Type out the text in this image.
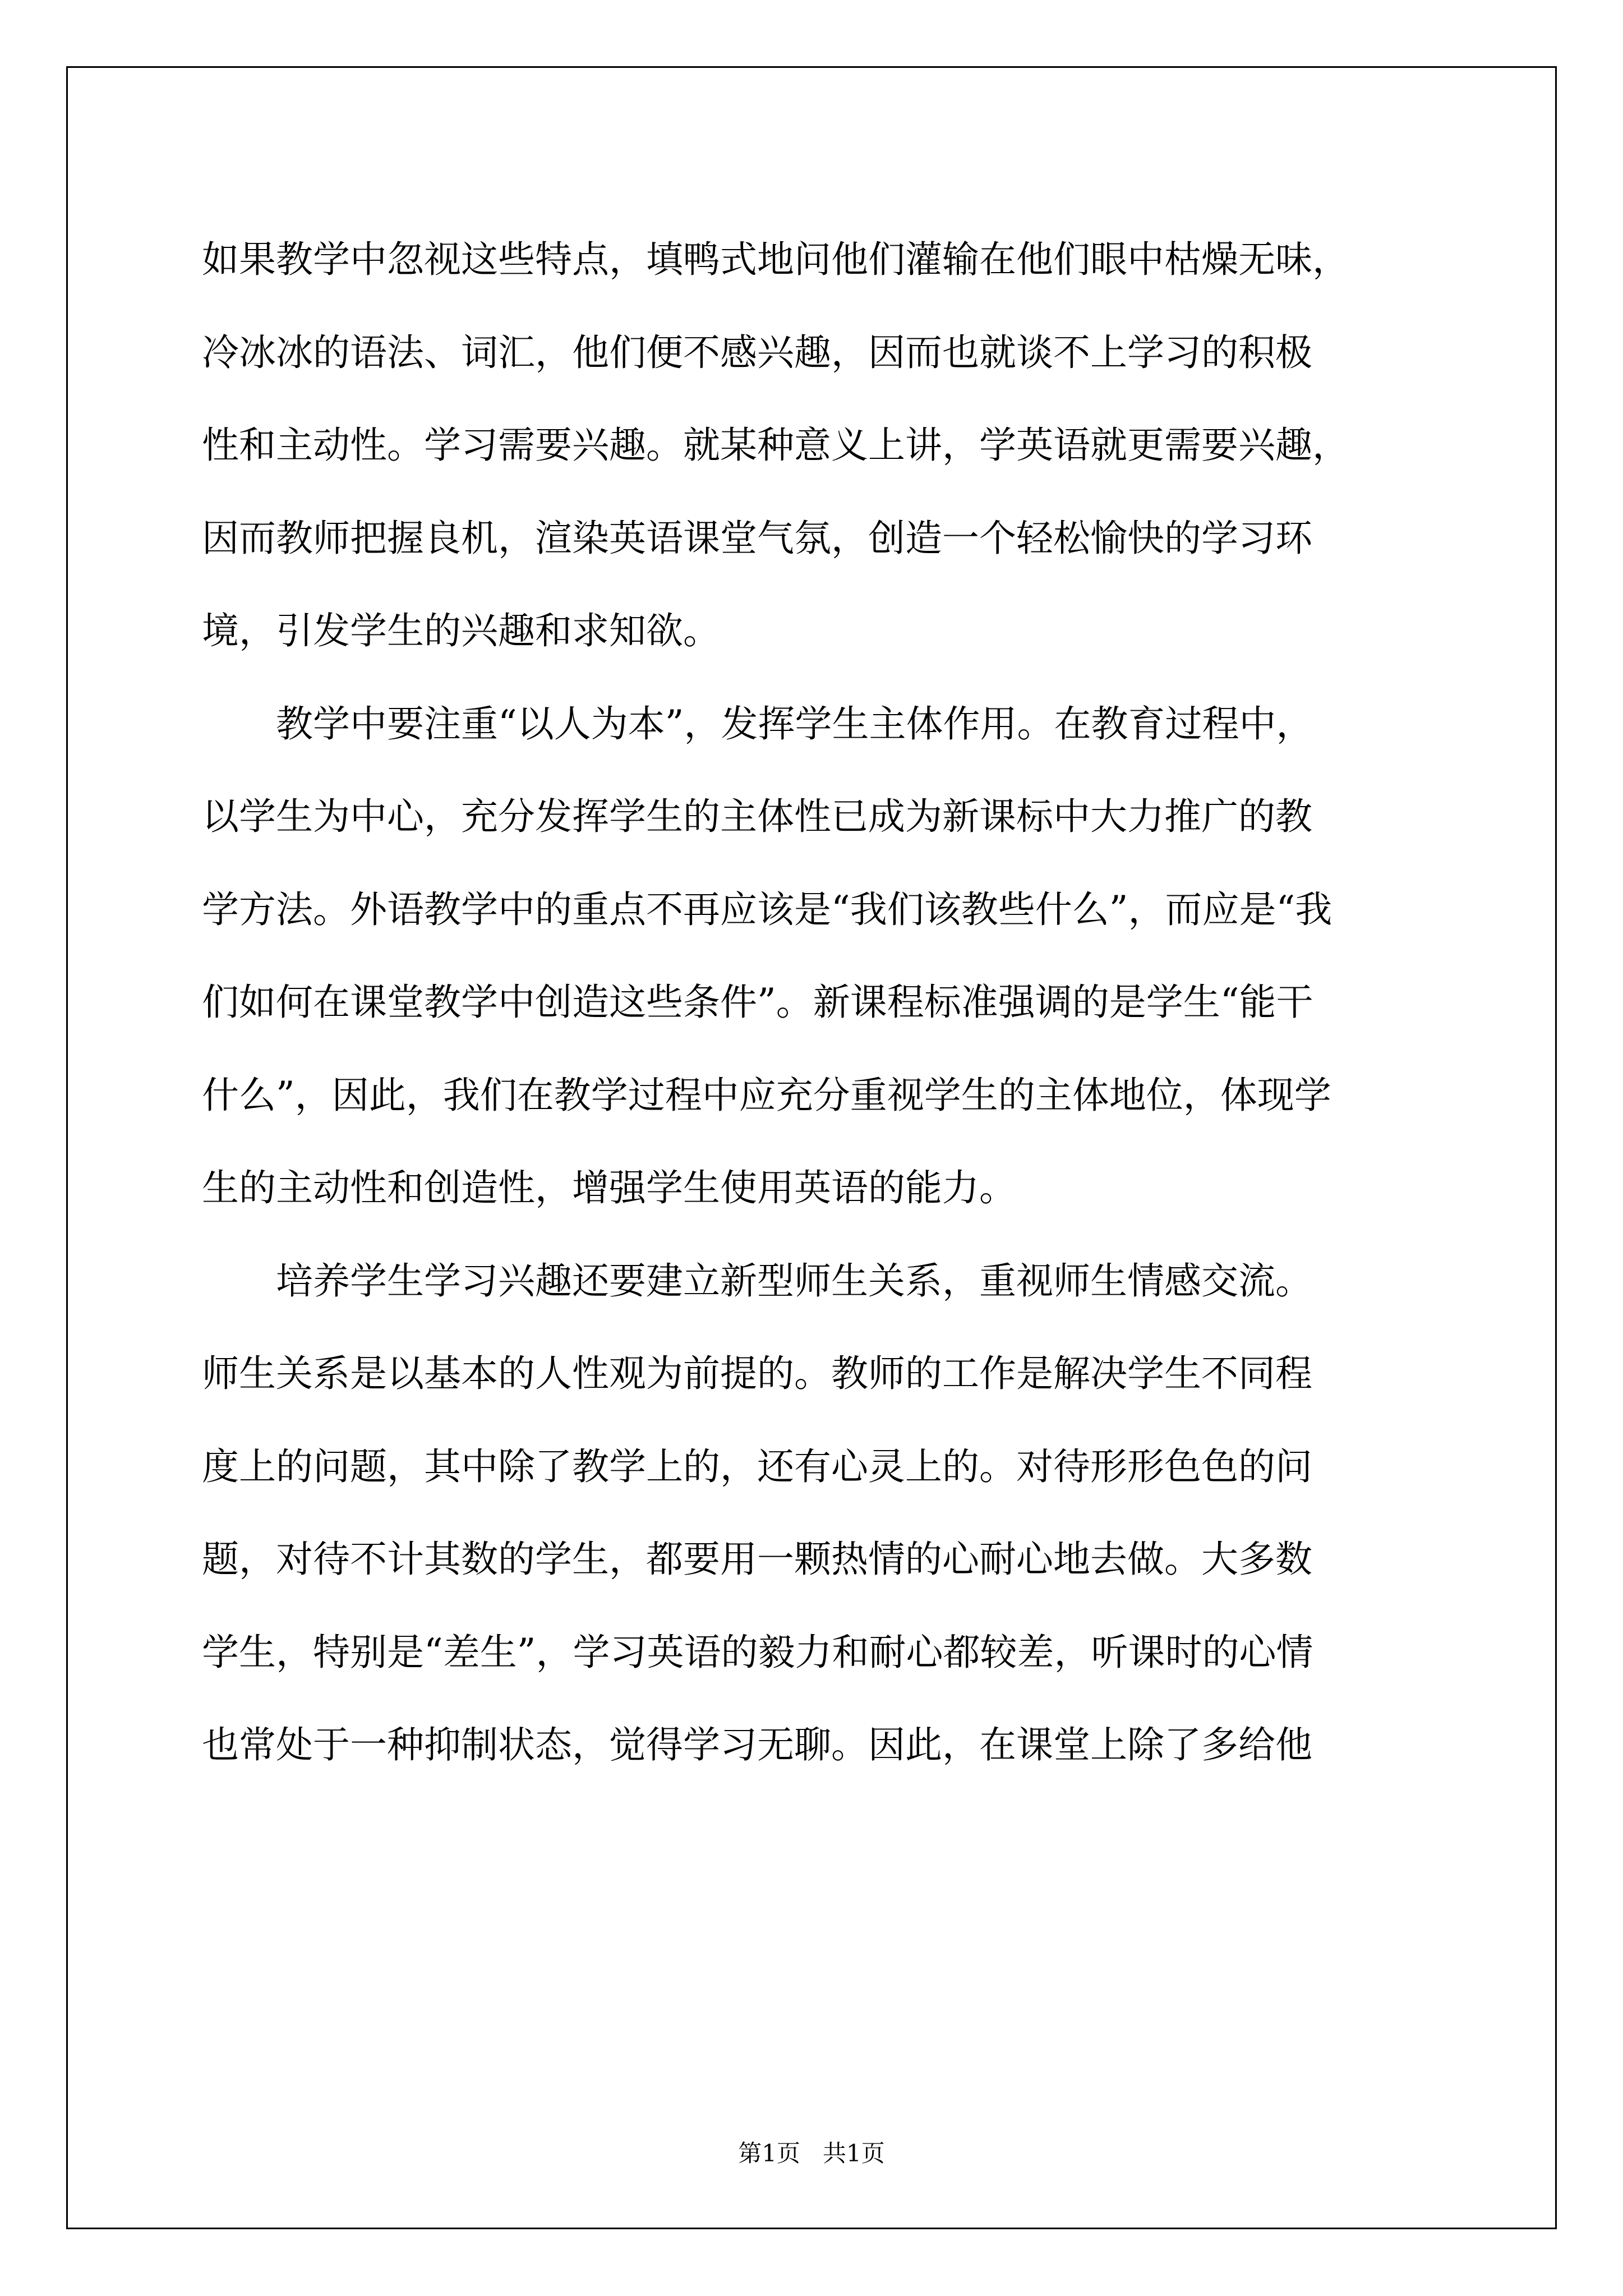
如果教学中忽视这些特点，填鸭式地问他们灌输在他们眼中枯燥无味，
冷冰冰的语法、词汇，他们便不感兴趣，因而也就谈不上学习的积极
性和主动性。学习需要兴趣。就某种意义上讲，学英语就更需要兴趣，
因而教师把握良机，渲染英语课堂气氛，创造一个轻松愉快的学习环
境，引发学生的兴趣和求知欲。
　　教学中要注重“以人为本”，发挥学生主体作用。在教育过程中，
以学生为中心，充分发挥学生的主体性已成为新课标中大力推广的教
学方法。外语教学中的重点不再应该是“我们该教些什么”，而应是“我
们如何在课堂教学中创造这些条件”。新课程标准强调的是学生“能干
什么”，因此，我们在教学过程中应充分重视学生的主体地位，体现学
生的主动性和创造性，增强学生使用英语的能力。
　　培养学生学习兴趣还要建立新型师生关系，重视师生情感交流。
师生关系是以基本的人性观为前提的。教师的工作是解决学生不同程
度上的问题，其中除了教学上的，还有心灵上的。对待形形色色的问
题，对待不计其数的学生，都要用一颗热情的心耐心地去做。大多数
学生，特别是“差生”，学习英语的毅力和耐心都较差，听课时的心情
也常处于一种抑制状态，觉得学习无聊。因此，在课堂上除了多给他
第1页 共1页
